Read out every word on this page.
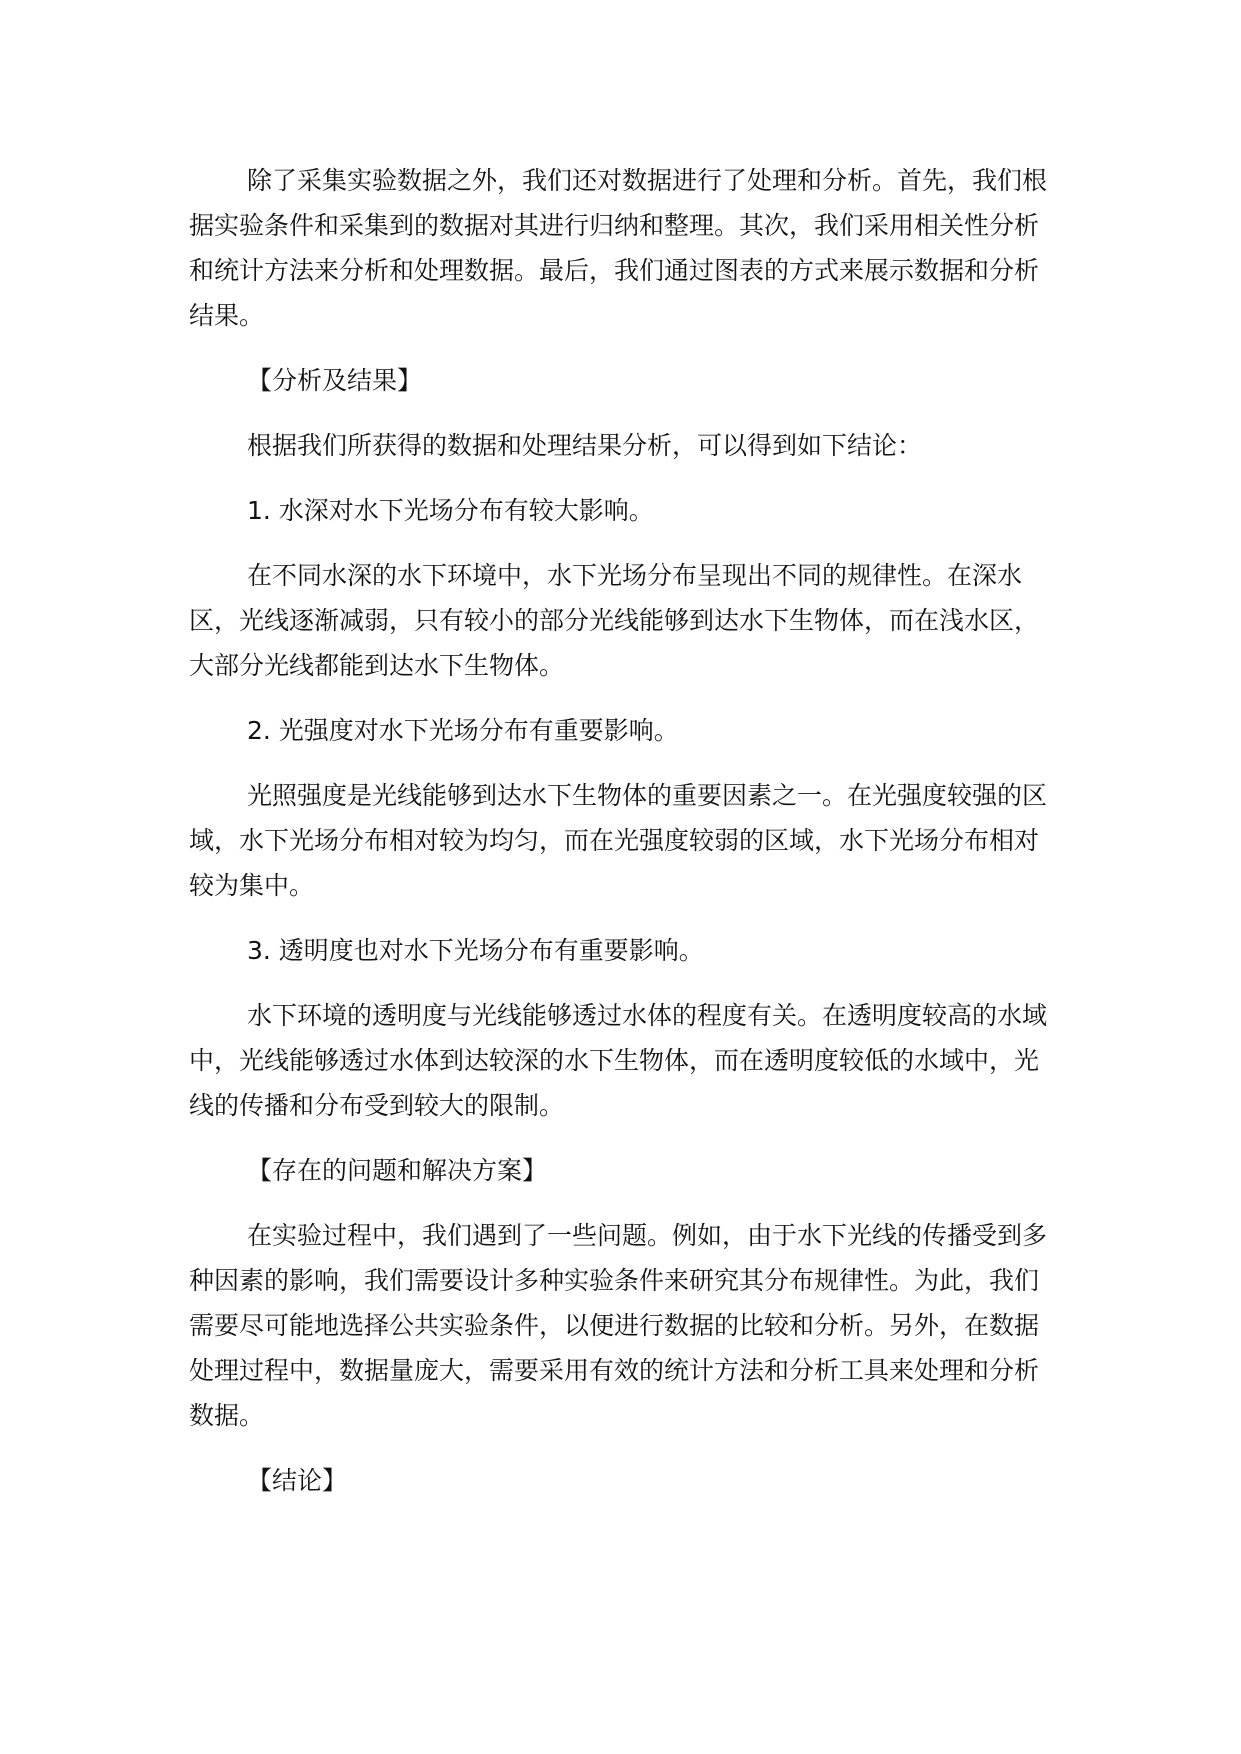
除了采集实验数据之外，我们还对数据进行了处理和分析。首先，我们根据实验条件和采集到的数据对其进行归纳和整理。其次，我们采用相关性分析和统计方法来分析和处理数据。最后，我们通过图表的方式来展示数据和分析结果。

【分析及结果】

根据我们所获得的数据和处理结果分析，可以得到如下结论：

1. 水深对水下光场分布有较大影响。

在不同水深的水下环境中，水下光场分布呈现出不同的规律性。在深水区，光线逐渐减弱，只有较小的部分光线能够到达水下生物体，而在浅水区，大部分光线都能到达水下生物体。

2. 光强度对水下光场分布有重要影响。

光照强度是光线能够到达水下生物体的重要因素之一。在光强度较强的区域，水下光场分布相对较为均匀，而在光强度较弱的区域，水下光场分布相对较为集中。

3. 透明度也对水下光场分布有重要影响。

水下环境的透明度与光线能够透过水体的程度有关。在透明度较高的水域中，光线能够透过水体到达较深的水下生物体，而在透明度较低的水域中，光线的传播和分布受到较大的限制。

【存在的问题和解决方案】

在实验过程中，我们遇到了一些问题。例如，由于水下光线的传播受到多种因素的影响，我们需要设计多种实验条件来研究其分布规律性。为此，我们需要尽可能地选择公共实验条件，以便进行数据的比较和分析。另外，在数据处理过程中，数据量庞大，需要采用有效的统计方法和分析工具来处理和分析数据。

【结论】
